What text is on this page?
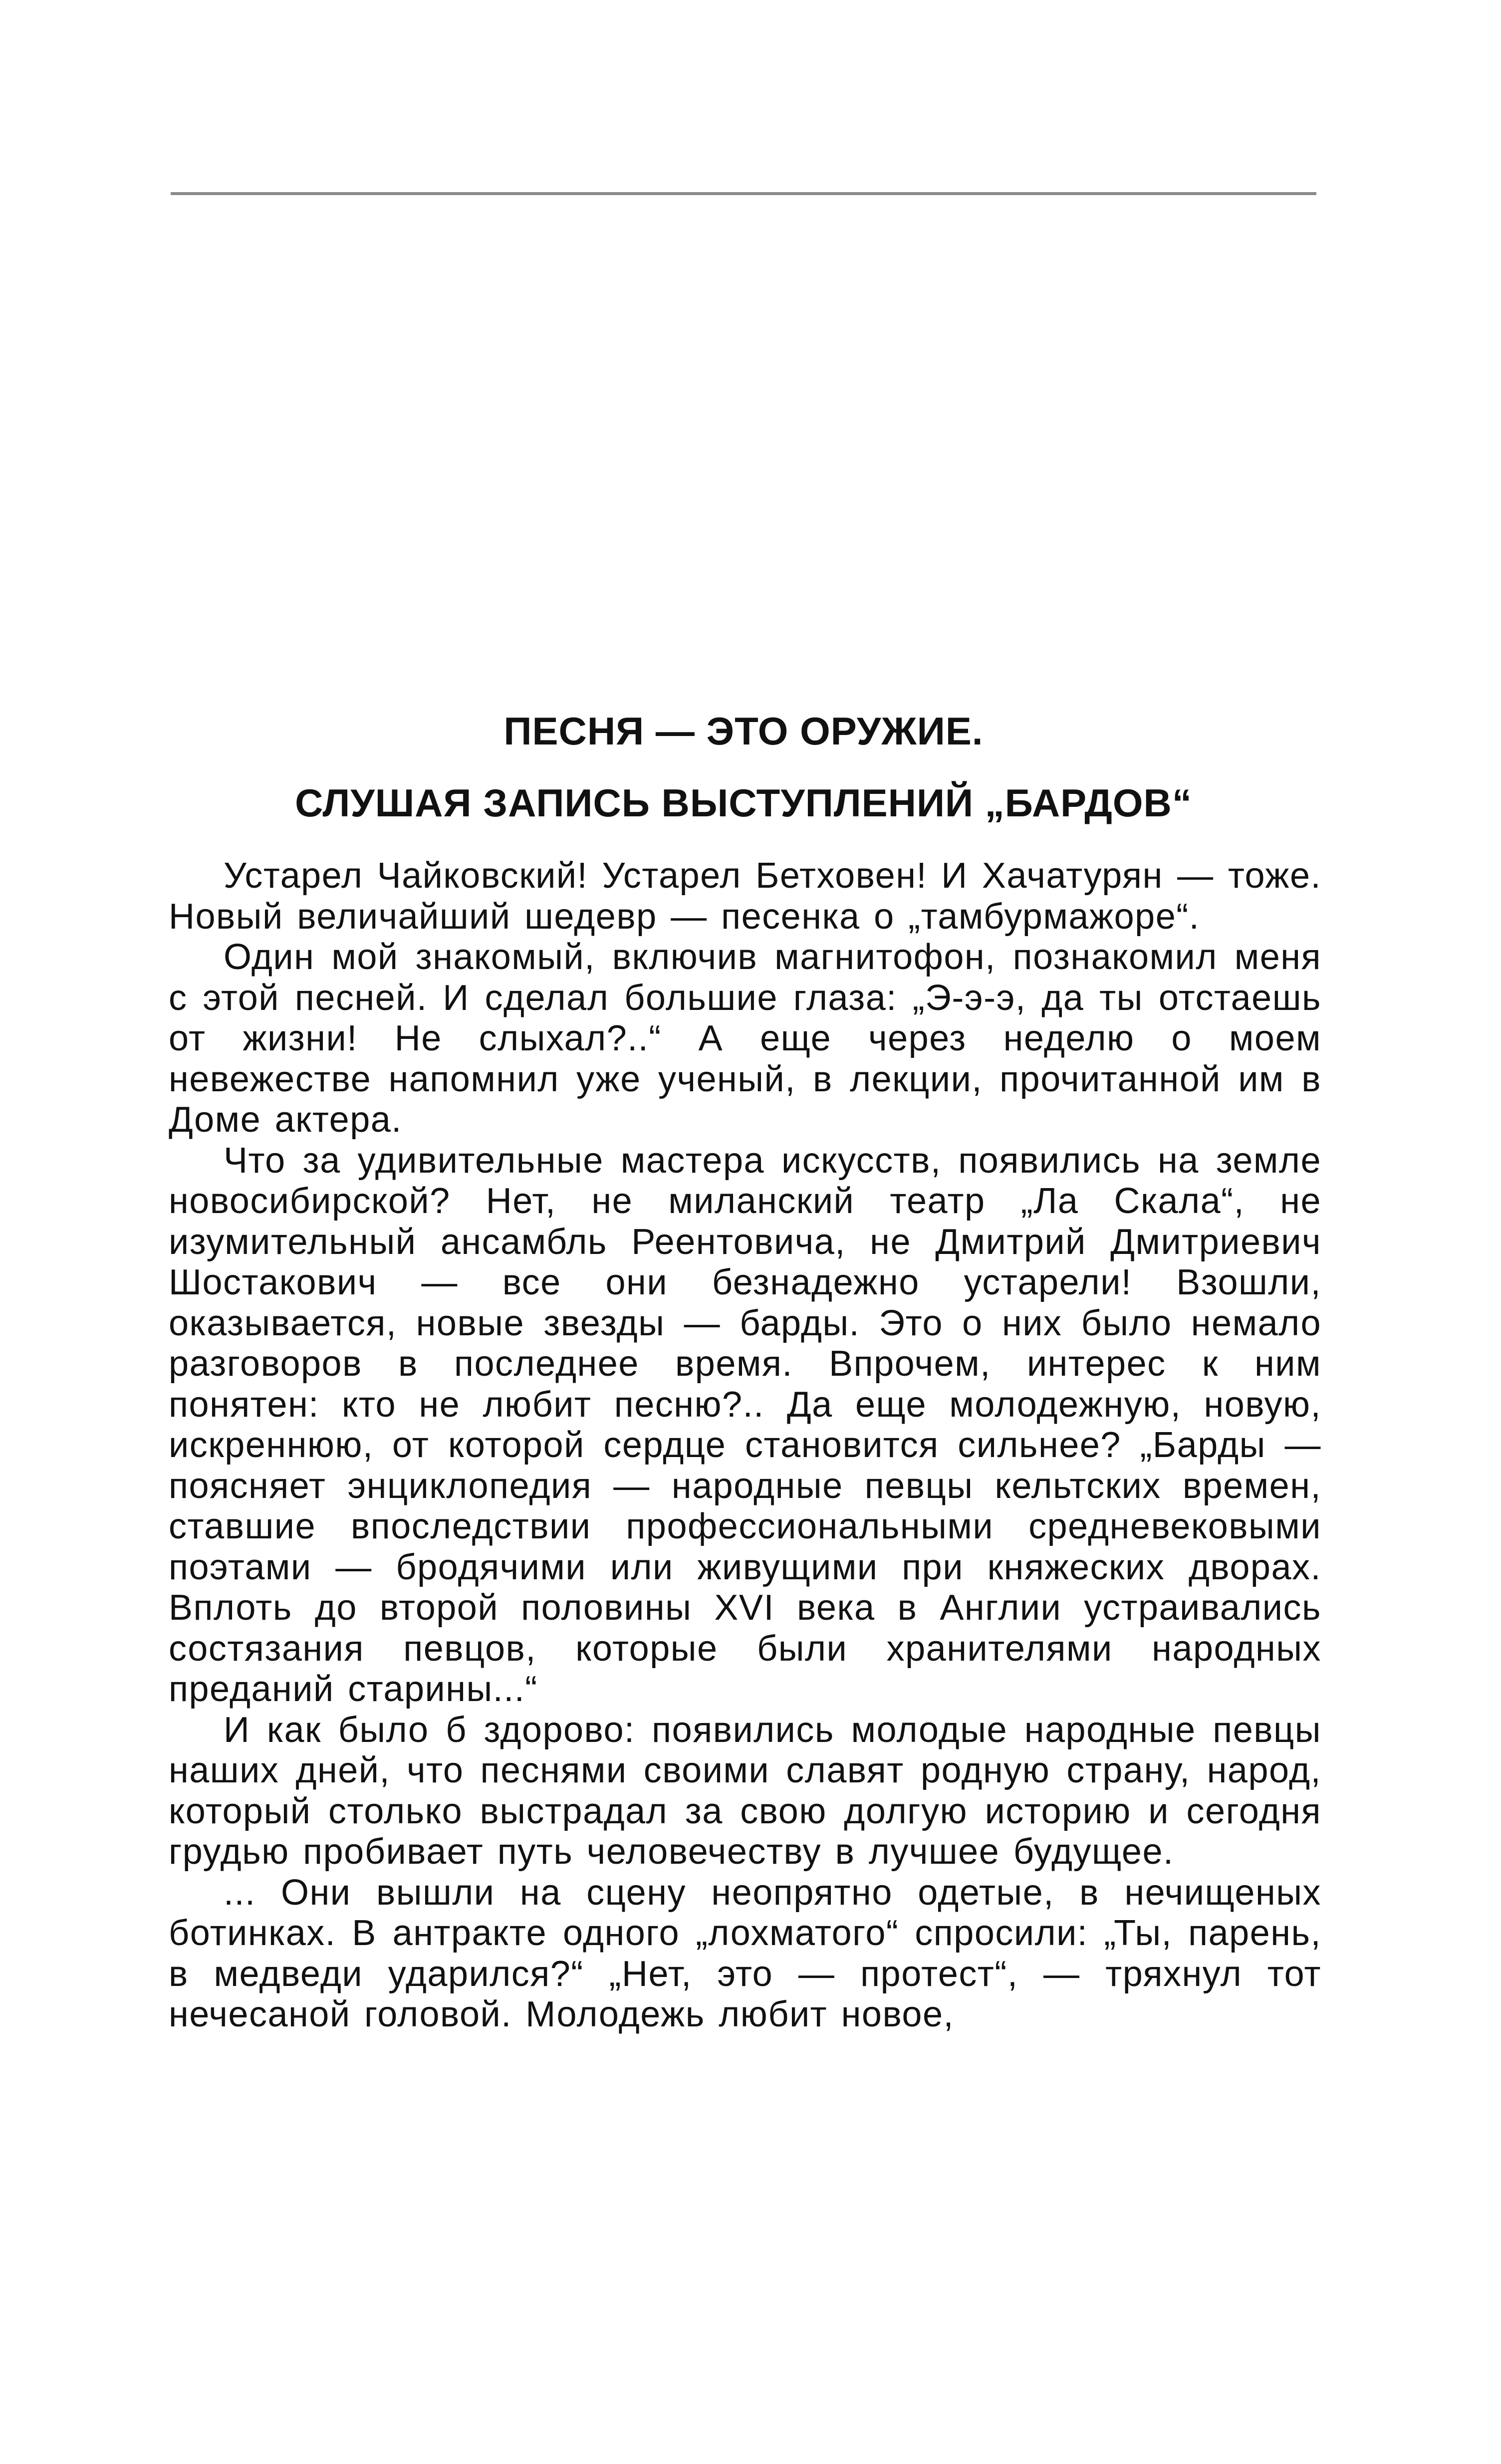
ПЕСНЯ — ЭТО ОРУЖИЕ.
СЛУШАЯ ЗАПИСЬ ВЫСТУПЛЕНИЙ „БАРДОВ“

Устарел Чайковский! Устарел Бетховен! И Хачатурян — тоже. Новый величайший шедевр — песенка о „тамбурмажоре“.

Один мой знакомый, включив магнитофон, познакомил меня с этой песней. И сделал большие глаза: „Э-э-э, да ты отстаешь от жизни! Не слыхал?..“ А еще через неделю о моем невежестве напомнил уже ученый, в лекции, прочитанной им в Доме актера.

Что за удивительные мастера искусств, появились на земле новосибирской? Нет, не миланский театр „Ла Скала“, не изумительный ансамбль Реентовича, не Дмитрий Дмитриевич Шостакович — все они безнадежно устарели! Взошли, оказывается, новые звезды — барды. Это о них было немало разговоров в последнее время. Впрочем, интерес к ним понятен: кто не любит песню?.. Да еще молодежную, новую, искреннюю, от которой сердце становится сильнее? „Барды — поясняет энциклопедия — народные певцы кельтских времен, ставшие впоследствии профессиональными средневековыми поэтами — бродячими или живущими при княжеских дворах. Вплоть до второй половины XVI века в Англии устраивались состязания певцов, которые были хранителями народных преданий старины...“

И как было б здорово: появились молодые народные певцы наших дней, что песнями своими славят родную страну, народ, который столько выстрадал за свою долгую историю и сегодня грудью пробивает путь человечеству в лучшее будущее.

... Они вышли на сцену неопрятно одетые, в нечищеных ботинках. В антракте одного „лохматого“ спросили: „Ты, парень, в медведи ударился?“ „Нет, это — протест“, — тряхнул тот нечесаной головой. Молодежь любит новое,
